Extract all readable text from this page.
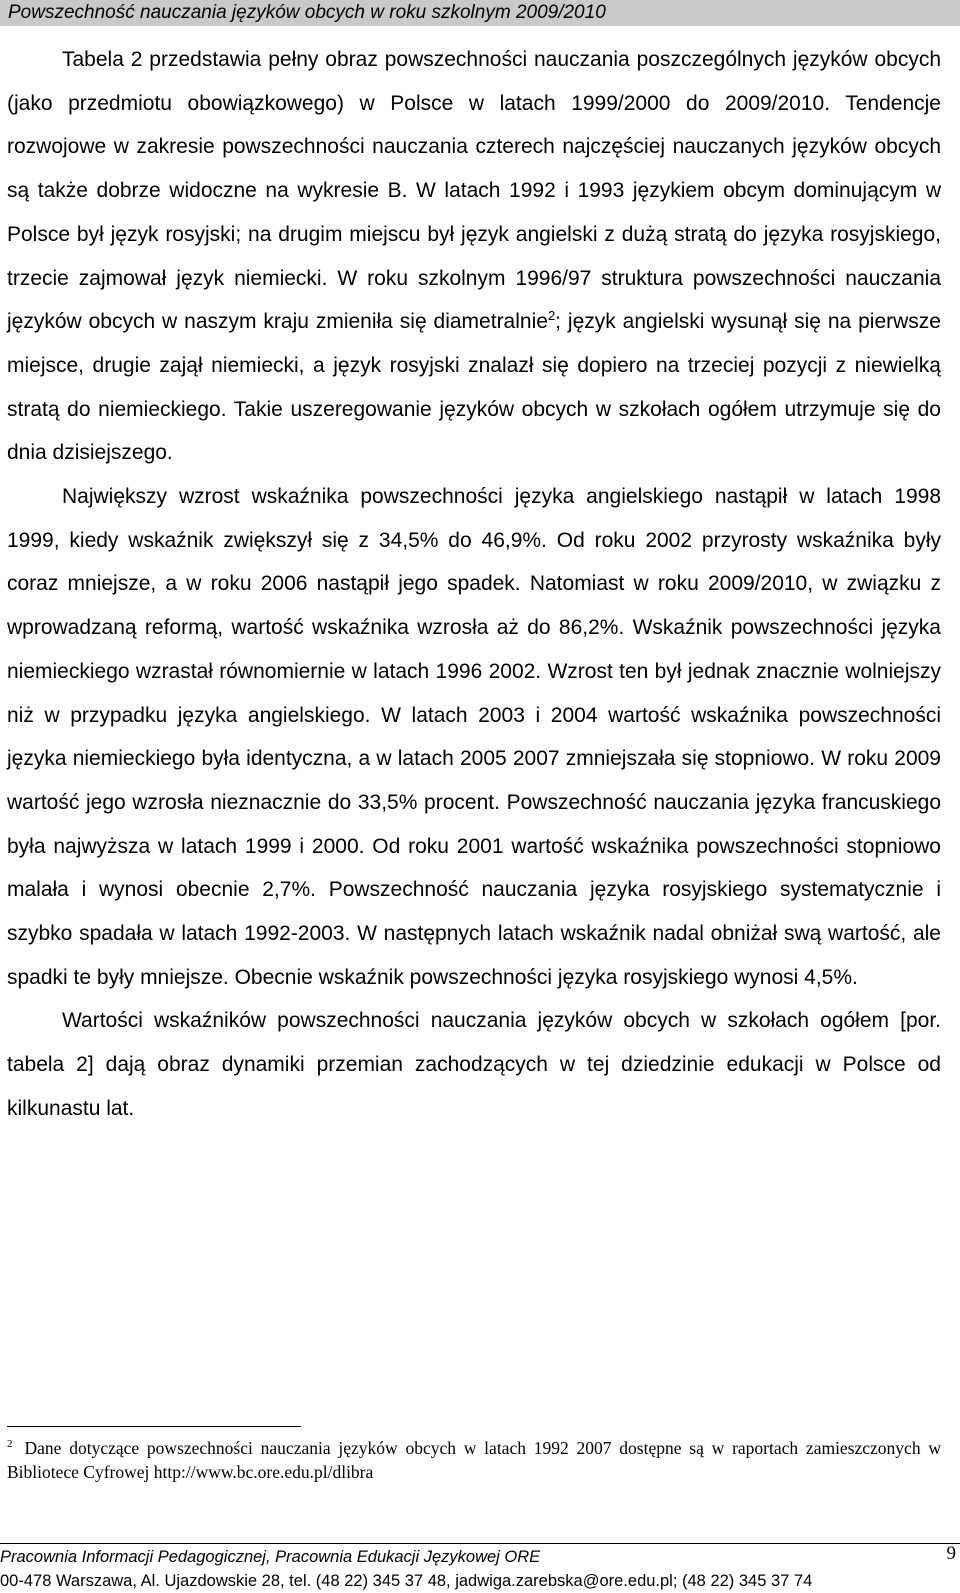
Powszechność nauczania języków obcych w roku szkolnym 2009/2010

Tabela 2 przedstawia pełny obraz powszechności nauczania poszczególnych języków obcych (jako przedmiotu obowiązkowego) w Polsce w latach 1999/2000 do 2009/2010. Tendencje rozwojowe w zakresie powszechności nauczania czterech najczęściej nauczanych języków obcych są także dobrze widoczne na wykresie B. W latach 1992 i 1993 językiem obcym dominującym w Polsce był język rosyjski; na drugim miejscu był język angielski z dużą stratą do języka rosyjskiego, trzecie zajmował język niemiecki. W roku szkolnym 1996/97 struktura powszechności nauczania języków obcych w naszym kraju zmieniła się diametralnie$^2$; język angielski wysunął się na pierwsze miejsce, drugie zajął niemiecki, a język rosyjski znalazł się dopiero na trzeciej pozycji z niewielką stratą do niemieckiego. Takie uszeregowanie języków obcych w szkołach ogółem utrzymuje się do dnia dzisiejszego.

Największy wzrost wskaźnika powszechności języka angielskiego nastąpił w latach 1998 1999, kiedy wskaźnik zwiększył się z 34,5% do 46,9%. Od roku 2002 przyrosty wskaźnika były coraz mniejsze, a w roku 2006 nastąpił jego spadek. Natomiast w roku 2009/2010, w związku z wprowadzaną reformą, wartość wskaźnika wzrosła aż do 86,2%. Wskaźnik powszechności języka niemieckiego wzrastał równomiernie w latach 1996 2002. Wzrost ten był jednak znacznie wolniejszy niż w przypadku języka angielskiego. W latach 2003 i 2004 wartość wskaźnika powszechności języka niemieckiego była identyczna, a w latach 2005 2007 zmniejszała się stopniowo. W roku 2009 wartość jego wzrosła nieznacznie do 33,5% procent. Powszechność nauczania języka francuskiego była najwyższa w latach 1999 i 2000. Od roku 2001 wartość wskaźnika powszechności stopniowo malała i wynosi obecnie 2,7%. Powszechność nauczania języka rosyjskiego systematycznie i szybko spadała w latach 1992-2003. W następnych latach wskaźnik nadal obniżał swą wartość, ale spadki te były mniejsze. Obecnie wskaźnik powszechności języka rosyjskiego wynosi 4,5%.

Wartości wskaźników powszechności nauczania języków obcych w szkołach ogółem [por. tabela 2] dają obraz dynamiki przemian zachodzących w tej dziedzinie edukacji w Polsce od kilkunastu lat.

$^2$ Dane dotyczące powszechności nauczania języków obcych w latach 1992 2007 dostępne są w raportach zamieszczonych w Bibliotece Cyfrowej http://www.bc.ore.edu.pl/dlibra
Pracownia Informacji Pedagogicznej, Pracownia Edukacji Językowej ORE	9
00-478 Warszawa, Al. Ujazdowskie 28, tel. (48 22) 345 37 48, jadwiga.zarebska@ore.edu.pl; (48 22) 345 37 74
